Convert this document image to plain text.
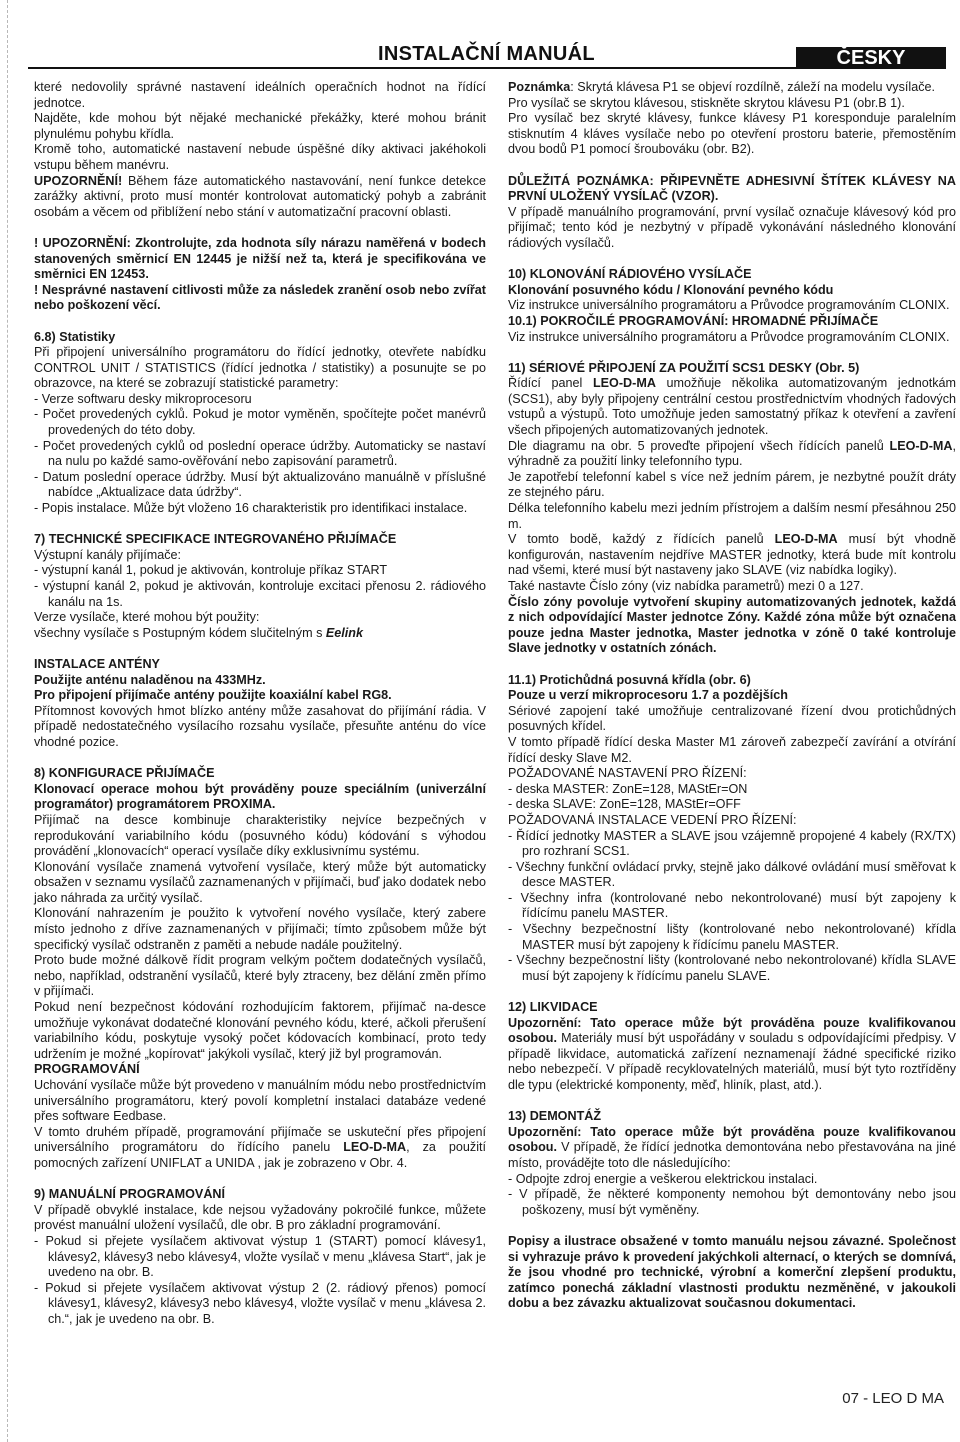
INSTALAČNÍ MANUÁL	ČESKY

které nedovolily správné nastavení ideálních operačních hodnot na řídící jednotce.

Najděte, kde mohou být nějaké mechanické překážky, které mohou bránit plynulému pohybu křídla.

Kromě toho, automatické nastavení nebude úspěšné díky aktivaci jakéhokoli vstupu během manévru.

UPOZORNĚNÍ! Během fáze automatického nastavování, není funkce detekce zarážky aktivní, proto musí montér kontrolovat automatický pohyb a zabránit osobám a věcem od přiblížení nebo stání v automatizační pracovní oblasti.

! UPOZORNĚNÍ: Zkontrolujte, zda hodnota síly nárazu naměřená v bodech stanovených směrnicí EN 12445 je nižší než ta, která je specifikována ve směrnici EN 12453.

! Nesprávné nastavení citlivosti může za následek zranění osob nebo zvířat nebo poškození věcí.

6.8) Statistiky

Při připojení universálního programátoru do řídící jednotky, otevřete nabídku CONTROL UNIT / STATISTICS (řídící jednotka / statistiky) a posunujte se po obrazovce, na které se zobrazují statistické parametry:

- Verze softwaru desky mikroprocesoru

- Počet provedených cyklů. Pokud je motor vyměněn, spočítejte počet manévrů provedených do této doby.

- Počet provedených cyklů od poslední operace údržby. Automaticky se nastaví na nulu po každé samo-ověřování nebo zapisování parametrů.

- Datum poslední operace údržby. Musí být aktualizováno manuálně v příslušné nabídce „Aktualizace data údržby“.

- Popis instalace. Může být vloženo 16 charakteristik pro identifikaci instalace.

7) TECHNICKÉ SPECIFIKACE INTEGROVANÉHO PŘIJÍMAČE

Výstupní kanály přijímače:

- výstupní kanál 1, pokud je aktivován, kontroluje příkaz START

- výstupní kanál 2, pokud je aktivován, kontroluje excitaci přenosu 2. rádiového kanálu na 1s.

Verze vysílače, které mohou být použity:

všechny vysílače s Postupným kódem slučitelným s Eelink

INSTALACE ANTÉNY

Použijte anténu naladěnou na 433MHz.

Pro připojení přijímače antény použijte koaxiální kabel RG8.

Přítomnost kovových hmot blízko antény může zasahovat do přijímání rádia. V případě nedostatečného vysílacího rozsahu vysílače, přesuňte anténu do více vhodné pozice.

8) KONFIGURACE PŘIJÍMAČE

Klonovací operace mohou být prováděny pouze speciálním (univerzální programátor) programátorem PROXIMA.

Přijímač na desce kombinuje charakteristiky nejvíce bezpečných v reprodukování variabilního kódu (posuvného kódu) kódování s výhodou provádění „klonovacích“ operací vysílače díky exklusivnímu systému.

Klonování vysílače znamená vytvoření vysílače, který může být automaticky obsažen v seznamu vysílačů zaznamenaných v přijímači, buď jako dodatek nebo jako náhrada za určitý vysílač.

Klonování nahrazením je použito k vytvoření nového vysílače, který zabere místo jednoho z dříve zaznamenaných v přijímači; tímto způsobem může být specifický vysílač odstraněn z paměti a nebude nadále použitelný.

Proto bude možné dálkově řídit program velkým počtem dodatečných vysílačů, nebo, například, odstranění vysílačů, které byly ztraceny, bez dělání změn přímo v přijímači.

Pokud není bezpečnost kódování rozhodujícím faktorem, přijímač na-desce umožňuje vykonávat dodatečné klonování pevného kódu, které, ačkoli přerušení variabilního kódu, poskytuje vysoký počet kódovacích kombinací, proto tedy udržením je možné „kopírovat“ jakýkoli vysílač, který již byl programován.

PROGRAMOVÁNÍ

Uchování vysílače může být provedeno v manuálním módu nebo prostřednictvím universálního programátoru, který povolí kompletní instalaci databáze vedené přes software Eedbase.

V tomto druhém případě, programování přijímače se uskuteční přes připojení universálního programátoru do řídícího panelu LEO-D-MA, za použití pomocných zařízení UNIFLAT a UNIDA , jak je zobrazeno v Obr. 4.

9) MANUÁLNÍ PROGRAMOVÁNÍ

V případě obvyklé instalace, kde nejsou vyžadovány pokročilé funkce, můžete provést manuální uložení vysílačů, dle obr. B pro základní programování.

- Pokud si přejete vysílačem aktivovat výstup 1 (START) pomocí klávesy1, klávesy2, klávesy3 nebo klávesy4, vložte vysílač v menu „klávesa Start“, jak je uvedeno na obr. B.

- Pokud si přejete vysílačem aktivovat výstup 2 (2. rádiový přenos) pomocí klávesy1, klávesy2, klávesy3 nebo klávesy4, vložte vysílač v menu „klávesa 2. ch.“, jak je uvedeno na obr. B.

Poznámka: Skrytá klávesa P1 se objeví rozdílně, záleží na modelu vysílače.

Pro vysílač se skrytou klávesou, stiskněte skrytou klávesu P1 (obr.B 1).

Pro vysílač bez skryté klávesy, funkce klávesy P1 koresponduje paralelním stisknutím 4 kláves vysílače nebo po otevření prostoru baterie, přemostěním dvou bodů P1 pomocí šroubováku (obr. B2).

DŮLEŽITÁ POZNÁMKA: PŘIPEVNĚTE ADHESIVNÍ ŠTÍTEK KLÁVESY NA PRVNÍ ULOŽENÝ VYSÍLAČ (VZOR).

V případě manuálního programování, první vysílač označuje klávesový kód pro přijímač; tento kód je nezbytný v případě vykonávání následného klonování rádiových vysílačů.

10) KLONOVÁNÍ RÁDIOVÉHO VYSÍLAČE

Klonování posuvného kódu / Klonování pevného kódu

Viz instrukce universálního programátoru a Průvodce programováním CLONIX.

10.1) POKROČILÉ PROGRAMOVÁNÍ: HROMADNÉ PŘIJÍMAČE

Viz instrukce universálního programátoru a Průvodce programováním CLONIX.

11) SÉRIOVÉ PŘIPOJENÍ ZA POUŽITÍ SCS1 DESKY (Obr. 5)

Řídící panel LEO-D-MA umožňuje několika automatizovaným jednotkám (SCS1), aby byly připojeny centrální cestou prostřednictvím vhodných řadových vstupů a výstupů. Toto umožňuje jeden samostatný příkaz k otevření a zavření všech připojených automatizovaných jednotek.

Dle diagramu na obr. 5 proveďte připojení všech řídících panelů LEO-D-MA, výhradně za použití linky telefonního typu.

Je zapotřebí telefonní kabel s více než jedním párem, je nezbytné použít dráty ze stejného páru.

Délka telefonního kabelu mezi jedním přístrojem a dalším nesmí přesáhnou 250 m.

V tomto bodě, každý z řídících panelů LEO-D-MA musí být vhodně konfigurován, nastavením nejdříve MASTER jednotky, která bude mít kontrolu nad všemi, které musí být nastaveny jako SLAVE (viz nabídka logiky).

Také nastavte Číslo zóny (viz nabídka parametrů) mezi 0 a 127.

Číslo zóny povoluje vytvoření skupiny automatizovaných jednotek, každá z nich odpovídající Master jednotce Zóny. Každé zóna může být označena pouze jedna Master jednotka, Master jednotka v zóně 0 také kontroluje Slave jednotky v ostatních zónách.

11.1) Protichůdná posuvná křídla (obr. 6)

Pouze u verzí mikroprocesoru 1.7 a pozdějších

Sériové zapojení také umožňuje centralizované řízení dvou protichůdných posuvných křídel.

V tomto případě řídící deska Master M1 zároveň zabezpečí zavírání a otvírání řídící desky Slave M2.

POŽADOVANÉ NASTAVENÍ PRO ŘÍZENÍ:

- deska MASTER: ZonE=128, MAStEr=ON

- deska SLAVE: ZonE=128, MAStEr=OFF

POŽADOVANÁ INSTALACE VEDENÍ PRO ŘÍZENÍ:

- Řídící jednotky MASTER a SLAVE jsou vzájemně propojené 4 kabely (RX/TX) pro rozhraní SCS1.

- Všechny funkční ovládací prvky, stejně jako dálkové ovládání musí směřovat k desce MASTER.

- Všechny infra (kontrolované nebo nekontrolované) musí být zapojeny k řídícímu panelu MASTER.

- Všechny bezpečnostní lišty (kontrolované nebo nekontrolované) křídla MASTER musí být zapojeny k řídícímu panelu MASTER.

- Všechny bezpečnostní lišty (kontrolované nebo nekontrolované) křídla SLAVE musí být zapojeny k řídícímu panelu SLAVE.

12) LIKVIDACE

Upozornění: Tato operace může být prováděna pouze kvalifikovanou osobou. Materiály musí být uspořádány v souladu s odpovídajícími předpisy. V případě likvidace, automatická zařízení neznamenají žádné specifické riziko nebo nebezpečí. V případě recyklovatelných materiálů, musí být tyto roztříděny dle typu (elektrické komponenty, měď, hliník, plast, atd.).

13) DEMONTÁŽ

Upozornění: Tato operace může být prováděna pouze kvalifikovanou osobou. V případě, že řídící jednotka demontována nebo přestavována na jiné místo, provádějte toto dle následujícího:

- Odpojte zdroj energie a veškerou elektrickou instalaci.

- V případě, že některé komponenty nemohou být demontovány nebo jsou poškozeny, musí být vyměněny.

Popisy a ilustrace obsažené v tomto manuálu nejsou závazné. Společnost si vyhrazuje právo k provedení jakýchkoli alternací, o kterých se domnívá, že jsou vhodné pro technické, výrobní a komerční zlepšení produktu, zatímco ponechá základní vlastnosti produktu nezměněné, v jakoukoli dobu a bez závazku aktualizovat současnou dokumentaci.

07 - LEO D MA
